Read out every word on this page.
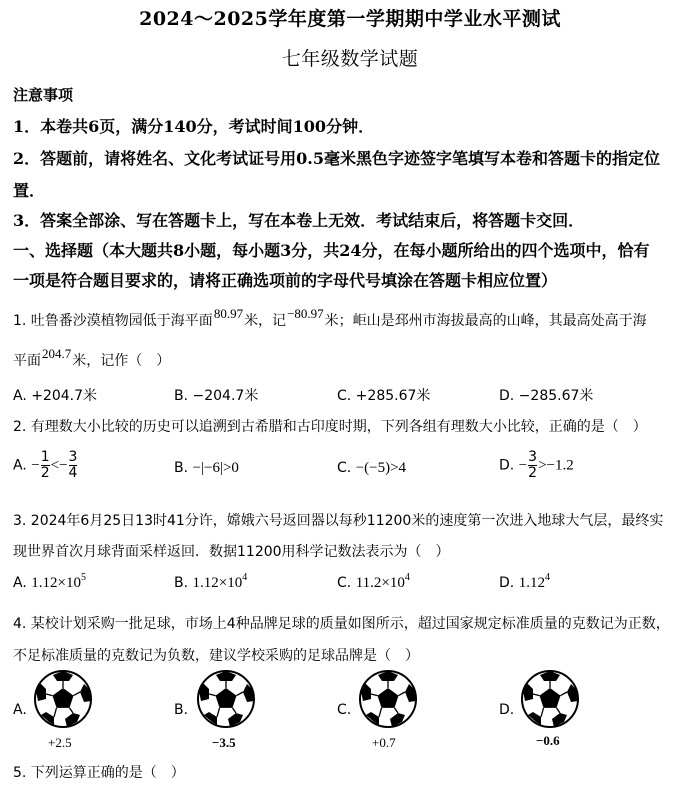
2024～2025学年度第一学期期中学业水平测试
七年级数学试题
注意事项
1．本卷共6页，满分140分，考试时间100分钟．
2．答题前，请将姓名、文化考试证号用0.5毫米黑色字迹签字笔填写本卷和答题卡的指定位
置．
3．答案全部涂、写在答题卡上，写在本卷上无效．考试结束后，将答题卡交回．
一、选择题（本大题共8小题，每小题3分，共24分，在每小题所给出的四个选项中，恰有
一项是符合题目要求的，请将正确选项前的字母代号填涂在答题卡相应位置）
1. 吐鲁番沙漠植物园低于海平面80.97米，记−80.97米；岠山是邳州市海拔最高的山峰，其最高处高于海
平面204.7米，记作（　）
A. +204.7米	B. −204.7米	C. +285.67米	D. −285.67米
2. 有理数大小比较的历史可以追溯到古希腊和古印度时期，下列各组有理数大小比较，正确的是（　）
A. − $\frac{1}{2} <- \frac{3}{4}$	B. −|−6|>0	C. −(−5)>4	D. − $\frac{3}{2} >-1.2$
3. 2024年6月25日13时41分许，嫦娥六号返回器以每秒11200米的速度第一次进入地球大气层，最终实
现世界首次月球背面采样返回．数据11200用科学记数法表示为（　）
A. $1.12\times 10^5$	B. $1.12\times 10^4$	C. $11.2\times 10^4$	D. 1.12$^4$
4. 某校计划采购一批足球，市场上4种品牌足球的质量如图所示，超过国家规定标准质量的克数记为正数，
不足标准质量的克数记为负数，建议学校采购的足球品牌是（　）
A.
+2.5
B.
−3.5
C.
+0.7
D.
−0.6
5. 下列运算正确的是（　）
